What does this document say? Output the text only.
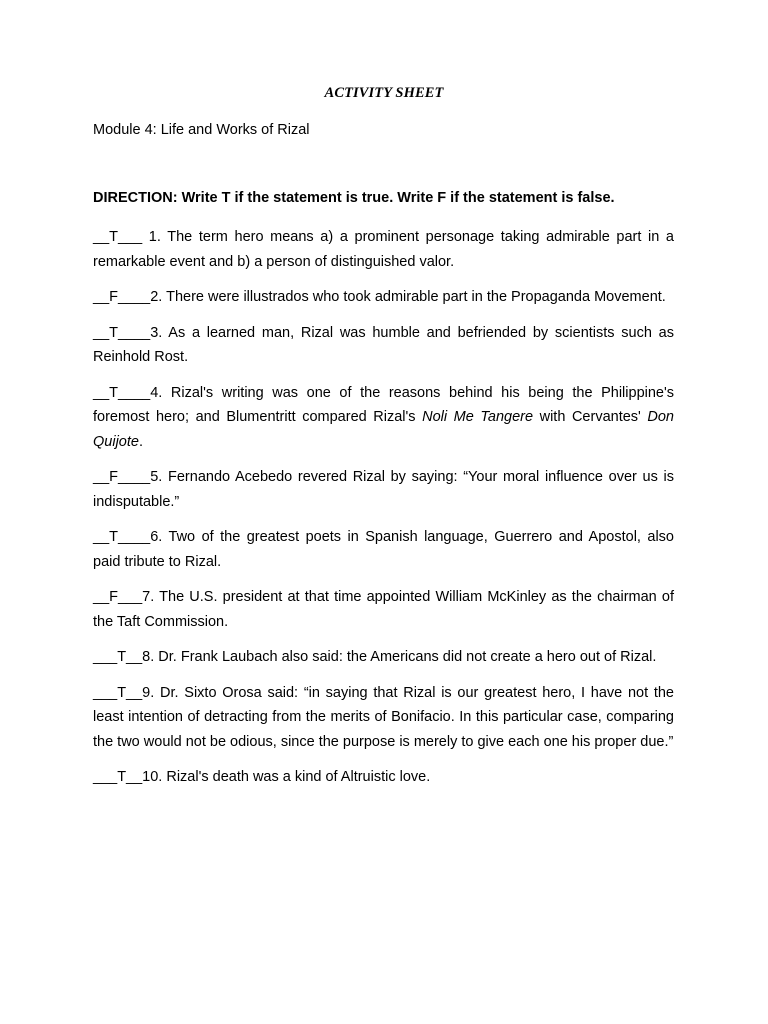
ACTIVITY SHEET
Module 4: Life and Works of Rizal
DIRECTION: Write T if the statement is true. Write F if the statement is false.

__T___ 1. The term hero means a) a prominent personage taking admirable part in a remarkable event and b) a person of distinguished valor.

__F____2. There were illustrados who took admirable part in the Propaganda Movement.

__T____3. As a learned man, Rizal was humble and befriended by scientists such as Reinhold Rost.

__T____4. Rizal's writing was one of the reasons behind his being the Philippine's foremost hero; and Blumentritt compared Rizal's Noli Me Tangere with Cervantes' Don Quijote.

__F____5. Fernando Acebedo revered Rizal by saying: “Your moral influence over us is indisputable.”

__T____6. Two of the greatest poets in Spanish language, Guerrero and Apostol, also paid tribute to Rizal.

__F___7. The U.S. president at that time appointed William McKinley as the chairman of the Taft Commission.

___T__8. Dr. Frank Laubach also said: the Americans did not create a hero out of Rizal.

___T__9. Dr. Sixto Orosa said: “in saying that Rizal is our greatest hero, I have not the least intention of detracting from the merits of Bonifacio. In this particular case, comparing the two would not be odious, since the purpose is merely to give each one his proper due.”

___T__10. Rizal's death was a kind of Altruistic love.
